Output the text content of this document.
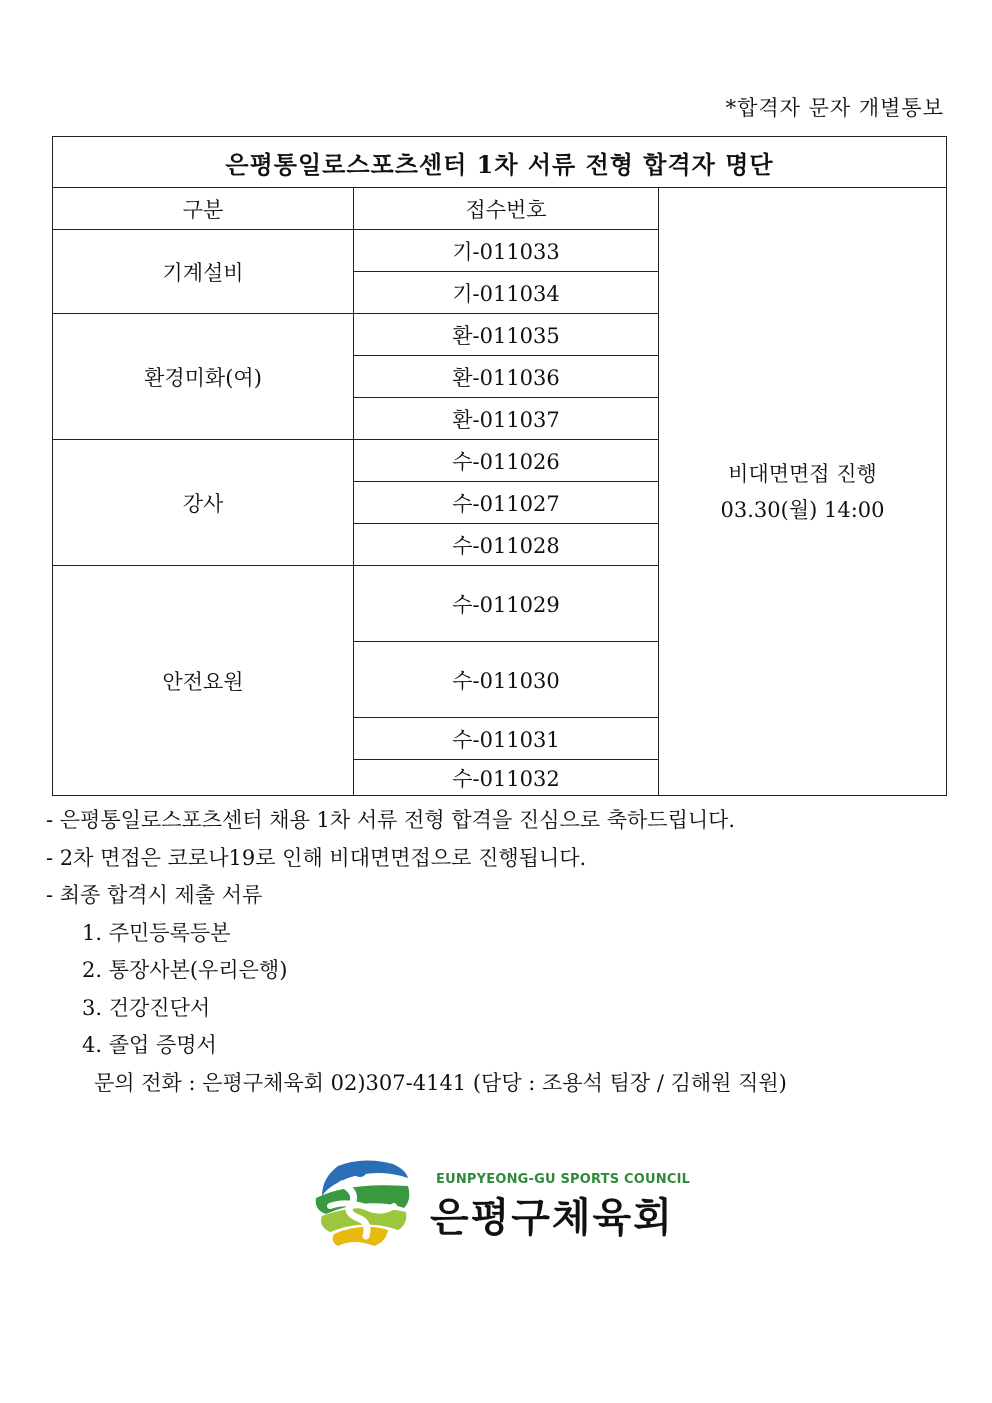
*합격자 문자 개별통보
은평통일로스포츠센터 1차 서류 전형 합격자 명단		
구분	접수번호	비대면면접 진행
03.30(월) 14:00

기계설비	기-011033	
	기-011034	
환경미화(여)	환-011035	
	환-011036	
	환-011037	
강사	수-011026	
	수-011027	
	수-011028	
안전요원	수-011029	
	수-011030	
	수-011031	
	수-011032	
- 은평통일로스포츠센터 채용 1차 서류 전형 합격을 진심으로 축하드립니다.
- 2차 면접은 코로나19로 인해 비대면면접으로 진행됩니다.
- 최종 합격시 제출 서류
1. 주민등록등본
2. 통장사본(우리은행)
3. 건강진단서
4. 졸업 증명서
문의 전화 : 은평구체육회 02)307-4141 (담당 : 조용석 팀장 / 김해원 직원)
EUNPYEONG-GU SPORTS COUNCIL
은평구체육회
